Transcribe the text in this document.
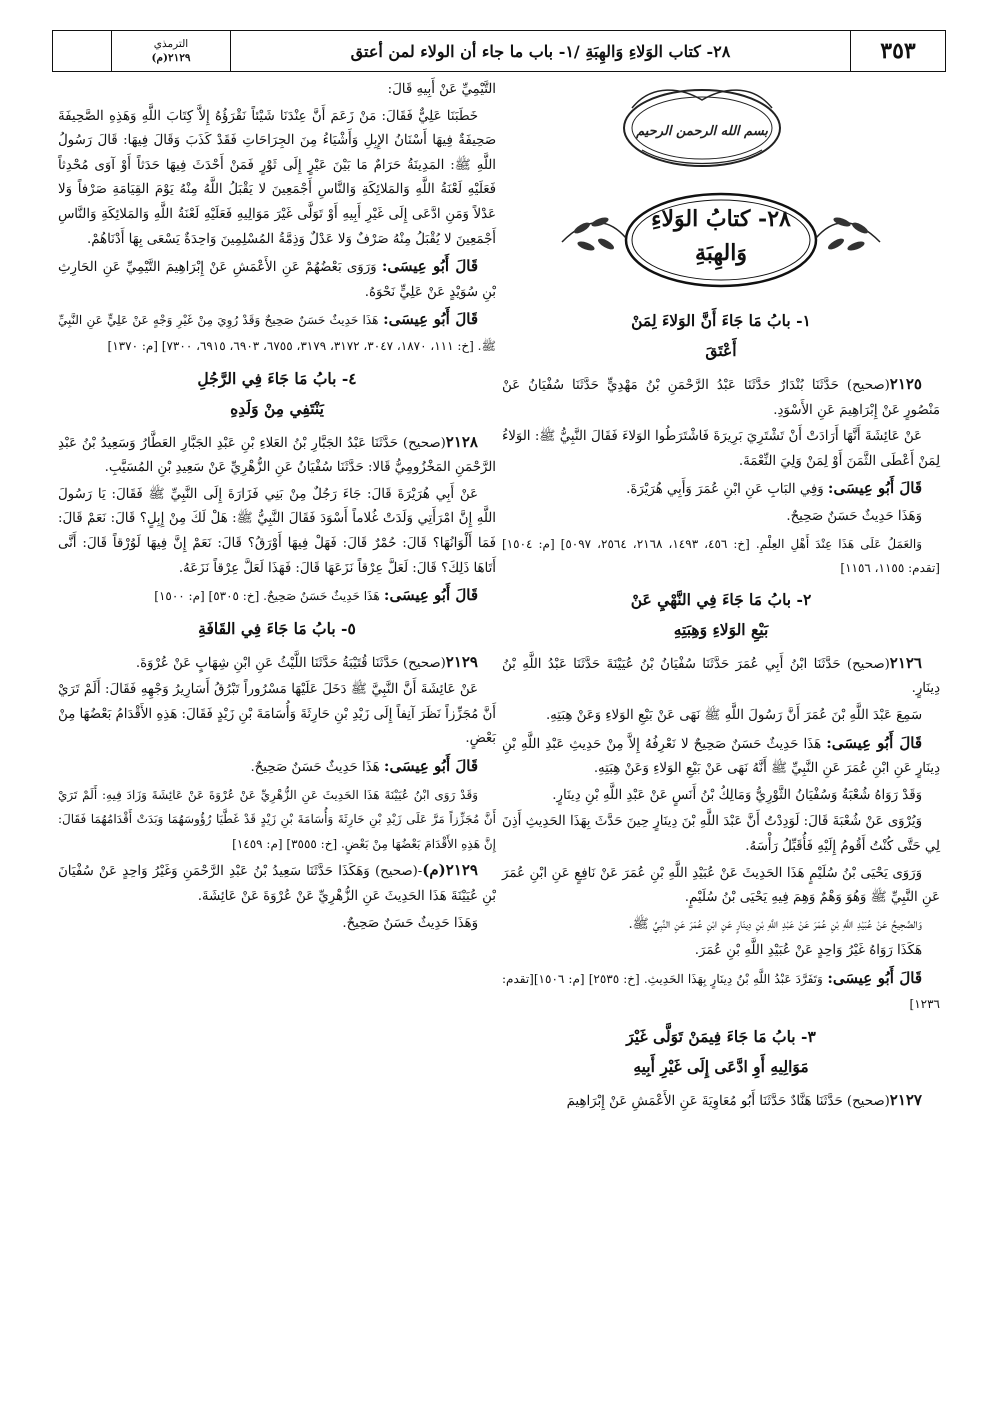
٣٥٣
٢٨- كتاب الوَلاءِ وَالهِبَةِ /١- باب ما جاء أن الولاء لمن أعتق
الترمذي
٢١٢٩(م)
بسم الله الرحمن الرحيم
٢٨- كتابُ الوَلاءِ
وَالهِبَةِ
١- بابُ مَا جَاءَ أَنَّ الوَلاءَ لِمَنْ
أَعْتَقَ

٢١٢٥(صحيح) حَدَّثَنَا بُنْدَارٌ حَدَّثَنَا عَبْدُ الرَّحْمَنِ بْنُ مَهْدِيٍّ حَدَّثَنَا سُفْيَانُ عَنْ مَنْصُورٍ عَنْ إِبْرَاهِيمَ عَنِ الأَسْوَدِ.

عَنْ عَائِشَةَ أَنَّهَا أَرَادَتْ أَنْ تَشْتَرِيَ بَرِيرَةَ فَاشْتَرَطُوا الوَلاءَ فَقَالَ النَّبِيُّ ﷺ: الوَلاءُ لِمَنْ أَعْطَى الثَّمَنَ أَوْ لِمَنْ وَلِيَ النِّعْمَةَ.

قَالَ أَبُو عِيسَى: وَفِي البَابِ عَنِ ابْنِ عُمَرَ وَأَبِي هُرَيْرَةَ.

وَهَذَا حَدِيثٌ حَسَنٌ صَحِيحٌ.

وَالعَمَلُ عَلَى هَذَا عِنْدَ أَهْلِ العِلْمِ. [خ: ٤٥٦، ١٤٩٣، ٢١٦٨، ٢٥٦٤، ٥٠٩٧] [م: ١٥٠٤][تقدم: ١١٥٥، ١١٥٦]

٢- بابُ مَا جَاءَ فِي النَّهْيِ عَنْ
بَيْعِ الوَلاءِ وَهِبَتِهِ

٢١٢٦(صحيح) حَدَّثَنَا ابْنُ أَبِي عُمَرَ حَدَّثَنَا سُفْيَانُ بْنُ عُيَيْنَةَ حَدَّثَنَا عَبْدُ اللَّهِ بْنُ دِينَارٍ.

سَمِعَ عَبْدَ اللَّهِ بْنَ عُمَرَ أَنَّ رَسُولَ اللَّهِ ﷺ نَهَى عَنْ بَيْعِ الوَلاءِ وَعَنْ هِبَتِهِ.

قَالَ أَبُو عِيسَى: هَذَا حَدِيثٌ حَسَنٌ صَحِيحٌ لا نَعْرِفُهُ إِلاَّ مِنْ حَدِيثِ عَبْدِ اللَّهِ بْنِ دِينَارٍ عَنِ ابْنِ عُمَرَ عَنِ النَّبِيِّ ﷺ أَنَّهُ نَهَى عَنْ بَيْعِ الوَلاءِ وَعَنْ هِبَتِهِ.

وَقَدْ رَوَاهُ شُعْبَةُ وَسُفْيَانُ الثَّوْرِيُّ وَمَالِكُ بْنُ أَنَسٍ عَنْ عَبْدِ اللَّهِ بْنِ دِينَارٍ.

وَيُرْوَى عَنْ شُعْبَةَ قَالَ: لَوَدِدْتُ أَنَّ عَبْدَ اللَّهِ بْنَ دِينَارٍ حِينَ حَدَّثَ بِهَذَا الحَدِيثِ أَذِنَ لِي حَتَّى كُنْتُ أَقُومُ إِلَيْهِ فَأُقَبِّلُ رَأْسَهُ.

وَرَوَى يَحْيَى بْنُ سُلَيْمٍ هَذَا الحَدِيثَ عَنْ عُبَيْدِ اللَّهِ بْنِ عُمَرَ عَنْ نَافِعٍ عَنِ ابْنِ عُمَرَ عَنِ النَّبِيِّ ﷺ وَهُوَ وَهْمٌ وَهِمَ فِيهِ يَحْيَى بْنُ سُلَيْمٍ.

وَالصَّحِيحُ عَنْ عُبَيْدِ اللَّهِ بْنِ عُمَرَ عَنْ عَبْدِ اللَّهِ بْنِ دِينَارٍ عَنِ ابْنِ عُمَرَ عَنِ النَّبِيِّ ﷺ.

هَكَذَا رَوَاهُ غَيْرُ وَاحِدٍ عَنْ عُبَيْدِ اللَّهِ بْنِ عُمَرَ.

قَالَ أَبُو عِيسَى: وَتَفَرَّدَ عَبْدُ اللَّهِ بْنُ دِينَارٍ بِهَذَا الحَدِيثِ. [خ: ٢٥٣٥] [م: ١٥٠٦][تقدم: ١٢٣٦]

٣- بابُ مَا جَاءَ فِيمَنْ تَوَلَّى غَيْرَ
مَوَالِيهِ أَوِ ادَّعَى إِلَى غَيْرِ أَبِيهِ

٢١٢٧(صحيح) حَدَّثَنَا هَنَّادٌ حَدَّثَنَا أَبُو مُعَاوِيَةَ عَنِ الأَعْمَشِ عَنْ إِبْرَاهِيمَ

التَّيْمِيِّ عَنْ أَبِيهِ قَالَ:

خَطَبَنَا عَلِيٌّ فَقَالَ: مَنْ زَعَمَ أَنَّ عِنْدَنَا شَيْئاً نَقْرَؤُهُ إِلاَّ كِتَابَ اللَّهِ وَهَذِهِ الصَّحِيفَةَ صَحِيفَةٌ فِيهَا أَسْنَانُ الإِبِلِ وَأَشْيَاءُ مِنَ الجِرَاحَاتِ فَقَدْ كَذَبَ وَقَالَ فِيهَا: قَالَ رَسُولُ اللَّهِ ﷺ: المَدِينَةُ حَرَامٌ مَا بَيْنَ عَيْرٍ إِلَى ثَوْرٍ فَمَنْ أَحْدَثَ فِيهَا حَدَثاً أَوْ آوَى مُحْدِثاً فَعَلَيْهِ لَعْنَةُ اللَّهِ وَالمَلائِكَةِ وَالنَّاسِ أَجْمَعِينَ لا يَقْبَلُ اللَّهُ مِنْهُ يَوْمَ القِيَامَةِ صَرْفاً وَلا عَدْلاً وَمَنِ ادَّعَى إِلَى غَيْرِ أَبِيهِ أَوْ تَوَلَّى غَيْرَ مَوَالِيهِ فَعَلَيْهِ لَعْنَةُ اللَّهِ وَالمَلائِكَةِ وَالنَّاسِ أَجْمَعِينَ لا يُقْبَلُ مِنْهُ صَرْفٌ وَلا عَدْلٌ وَذِمَّةُ المُسْلِمِينَ وَاحِدَةٌ يَسْعَى بِهَا أَدْنَاهُمْ.

قَالَ أَبُو عِيسَى: وَرَوَى بَعْضُهُمْ عَنِ الأَعْمَشِ عَنْ إِبْرَاهِيمَ التَّيْمِيِّ عَنِ الحَارِثِ بْنِ سُوَيْدٍ عَنْ عَلِيٍّ نَحْوَهُ.

قَالَ أَبُو عِيسَى: هَذَا حَدِيثٌ حَسَنٌ صَحِيحٌ وَقَدْ رُوِيَ مِنْ غَيْرِ وَجْهٍ عَنْ عَلِيٍّ عَنِ النَّبِيِّ ﷺ. [خ: ١١١، ١٨٧٠، ٣٠٤٧، ٣١٧٢، ٣١٧٩، ٦٧٥٥، ٦٩٠٣، ٦٩١٥، ٧٣٠٠] [م: ١٣٧٠]

٤- بابُ مَا جَاءَ فِي الرَّجُلِ
يَنْتَفِي مِنْ وَلَدِهِ

٢١٢٨(صحيح) حَدَّثَنَا عَبْدُ الجَبَّارِ بْنُ العَلاءِ بْنِ عَبْدِ الجَبَّارِ العَطَّارُ وَسَعِيدُ بْنُ عَبْدِ الرَّحْمَنِ المَخْزُومِيُّ قَالا: حَدَّثَنَا سُفْيَانُ عَنِ الزُّهْرِيِّ عَنْ سَعِيدِ بْنِ المُسَيَّبِ.

عَنْ أَبِي هُرَيْرَةَ قَالَ: جَاءَ رَجُلٌ مِنْ بَنِي فَزَارَةَ إِلَى النَّبِيِّ ﷺ فَقَالَ: يَا رَسُولَ اللَّهِ إِنَّ امْرَأَتِي وَلَدَتْ غُلاماً أَسْوَدَ فَقَالَ النَّبِيُّ ﷺ: هَلْ لَكَ مِنْ إِبِلٍ؟ قَالَ: نَعَمْ قَالَ: فَمَا أَلْوَانُهَا؟ قَالَ: حُمْرٌ قَالَ: فَهَلْ فِيهَا أَوْرَقُ؟ قَالَ: نَعَمْ إِنَّ فِيهَا لَوُرْقاً قَالَ: أَنَّى أَتَاهَا ذَلِكَ؟ قَالَ: لَعَلَّ عِرْقاً نَزَعَهَا قَالَ: فَهَذَا لَعَلَّ عِرْقاً نَزَعَهُ.

قَالَ أَبُو عِيسَى: هَذَا حَدِيثٌ حَسَنٌ صَحِيحٌ. [خ: ٥٣٠٥] [م: ١٥٠٠]

٥- بابُ مَا جَاءَ فِي القَافَةِ

٢١٢٩(صحيح) حَدَّثَنَا قُتَيْبَةُ حَدَّثَنَا اللَّيْثُ عَنِ ابْنِ شِهَابٍ عَنْ عُرْوَةَ.

عَنْ عَائِشَةَ أَنَّ النَّبِيَّ ﷺ دَخَلَ عَلَيْهَا مَسْرُوراً تَبْرُقُ أَسَارِيرُ وَجْهِهِ فَقَالَ: أَلَمْ تَرَيْ أَنَّ مُجَزِّزاً نَظَرَ آنِفاً إِلَى زَيْدِ بْنِ حَارِثَةَ وَأُسَامَةَ بْنِ زَيْدٍ فَقَالَ: هَذِهِ الأَقْدَامُ بَعْضُهَا مِنْ بَعْضٍ.

قَالَ أَبُو عِيسَى: هَذَا حَدِيثٌ حَسَنٌ صَحِيحٌ.

وَقَدْ رَوَى ابْنُ عُيَيْنَةَ هَذَا الحَدِيثَ عَنِ الزُّهْرِيِّ عَنْ عُرْوَةَ عَنْ عَائِشَةَ وَزَادَ فِيهِ: أَلَمْ تَرَيْ أَنَّ مُجَزِّزاً مَرَّ عَلَى زَيْدِ بْنِ حَارِثَةَ وَأُسَامَةَ بْنِ زَيْدٍ قَدْ غَطَّيَا رُؤُوسَهُمَا وَبَدَتْ أَقْدَامُهُمَا فَقَالَ: إِنَّ هَذِهِ الأَقْدَامَ بَعْضُهَا مِنْ بَعْضٍ. [خ: ٣٥٥٥] [م: ١٤٥٩]

٢١٢٩(م)-(صحيح) وَهَكَذَا حَدَّثَنَا سَعِيدُ بْنُ عَبْدِ الرَّحْمَنِ وَغَيْرُ وَاحِدٍ عَنْ سُفْيَانَ بْنِ عُيَيْنَةَ هَذَا الحَدِيثَ عَنِ الزُّهْرِيِّ عَنْ عُرْوَةَ عَنْ عَائِشَةَ.

وَهَذَا حَدِيثٌ حَسَنٌ صَحِيحٌ.
